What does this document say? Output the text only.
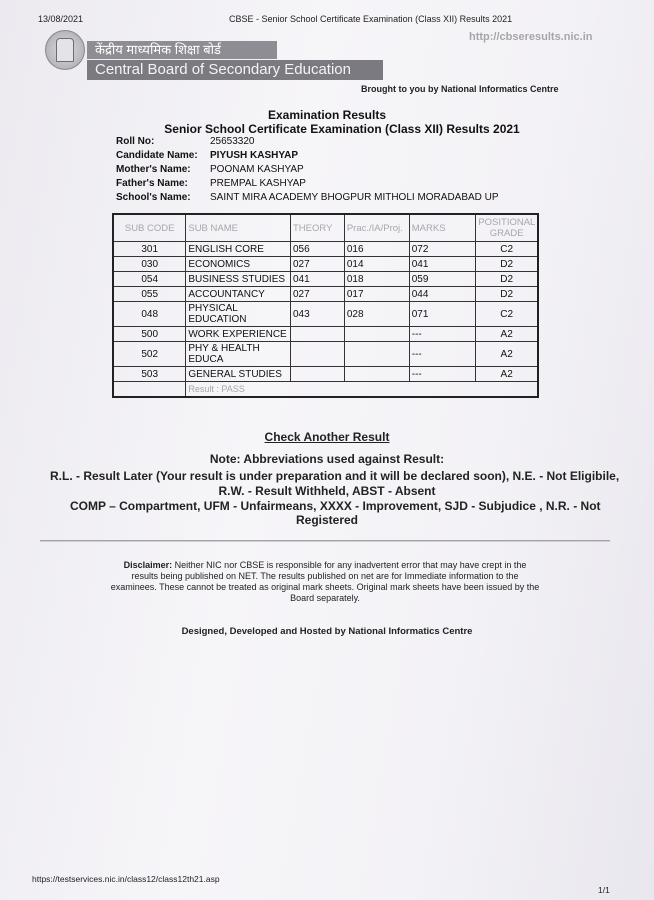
13/08/2021	CBSE - Senior School Certificate Examination (Class XII) Results 2021
केंद्रीय माध्यमिक शिक्षा बोर्ड
Central Board of Secondary Education
http://cbseresults.nic.in
Brought to you by National Informatics Centre
Examination Results
Senior School Certificate Examination (Class XII) Results 2021
Roll No:	25653320
Candidate Name: PIYUSH KASHYAP
Mother's Name: POONAM KASHYAP
Father's Name: PREMPAL KASHYAP
School's Name: SAINT MIRA ACADEMY BHOGPUR MITHOLI MORADABAD UP
SUB CODE	SUB NAME	THEORY	Prac./IA/Proj.	MARKS	POSITIONAL GRADE
301	ENGLISH CORE	056	016	072	C2
030	ECONOMICS	027	014	041	D2
054	BUSINESS STUDIES	041	018	059	D2
055	ACCOUNTANCY	027	017	044	D2
048	PHYSICAL EDUCATION	043	028	071	C2
500	WORK EXPERIENCE			---	A2
502	PHY & HEALTH EDUCA			---	A2
503	GENERAL STUDIES			---	A2
	Result : PASS				
Check Another Result
Note: Abbreviations used against Result:
R.L. - Result Later (Your result is under preparation and it will be declared soon), N.E. - Not Eligibile,
R.W. - Result Withheld, ABST - Absent
COMP – Compartment, UFM - Unfairmeans, XXXX - Improvement, SJD - Subjudice , N.R. - Not
Registered
Disclaimer: Neither NIC nor CBSE is responsible for any inadvertent error that may have crept in the results being published on NET. The results published on net are for Immediate information to the examinees. These cannot be treated as original mark sheets. Original mark sheets have been issued by the Board separately.
Designed, Developed and Hosted by National Informatics Centre
https://testservices.nic.in/class12/class12th21.asp
1/1
